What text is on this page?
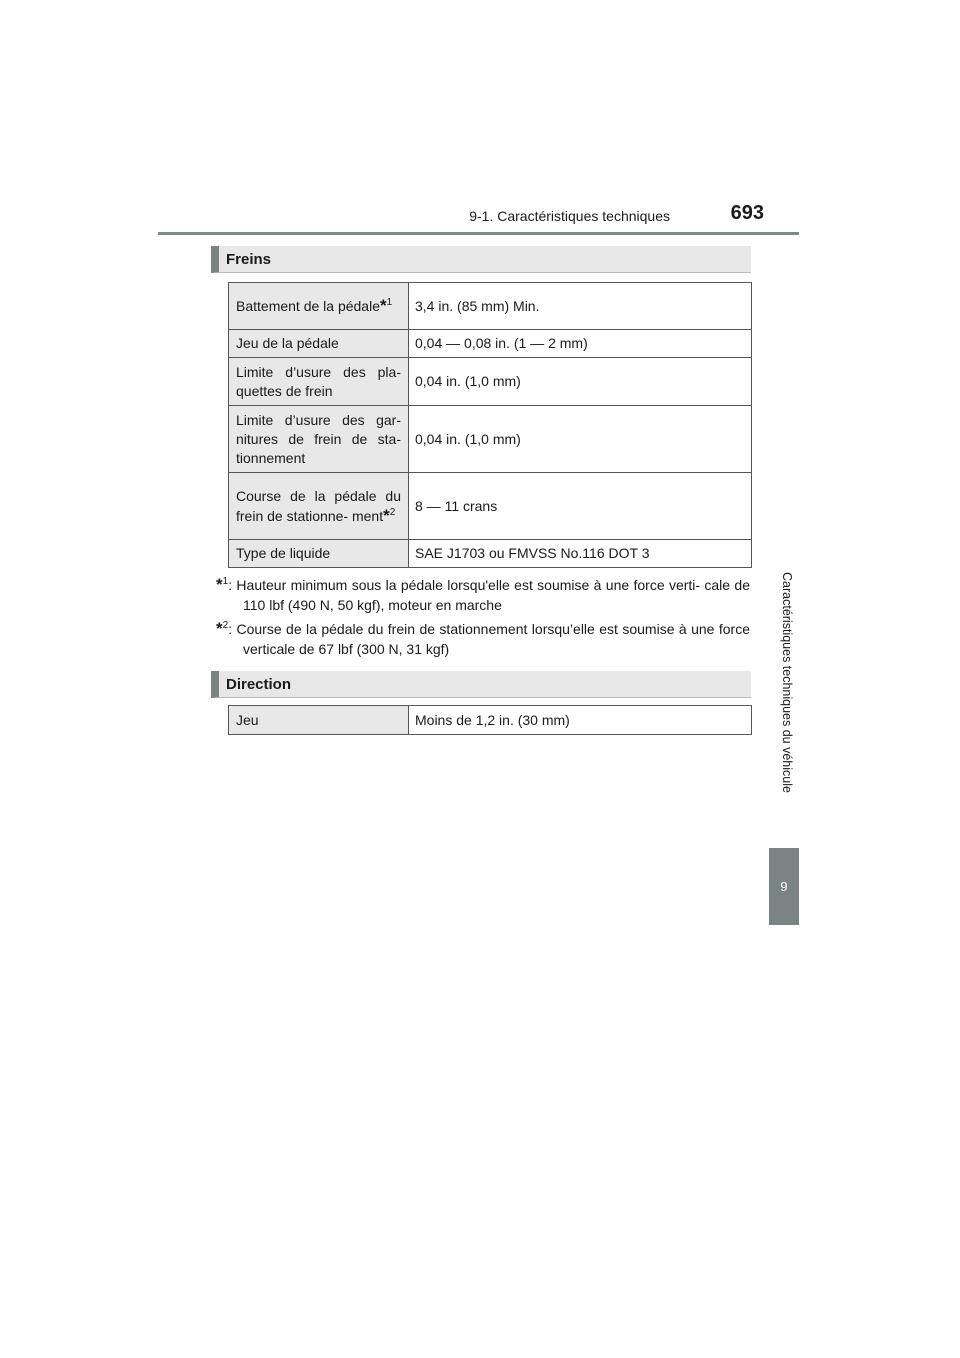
9-1. Caractéristiques techniques	693
Caractéristiques techniques du véhicule
9
Freins
Battement de la pédale*$^1$	3,4 in. (85 mm) Min.
Jeu de la pédale	0,04 — 0,08 in. (1 — 2 mm)
Limite d’usure des pla- quettes de frein	0,04 in. (1,0 mm)
Limite d’usure des gar- nitures de frein de sta- tionnement	0,04 in. (1,0 mm)
Course de la pédale du frein de stationne- ment*$^2$	8 — 11 crans
Type de liquide	SAE J1703 ou FMVSS No.116 DOT 3
*$^1$: Hauteur minimum sous la pédale lorsqu'elle est soumise à une force verti- cale de 110 lbf (490 N, 50 kgf), moteur en marche
*$^2$: Course de la pédale du frein de stationnement lorsqu’elle est soumise à une force verticale de 67 lbf (300 N, 31 kgf)
Direction
Jeu	Moins de 1,2 in. (30 mm)
